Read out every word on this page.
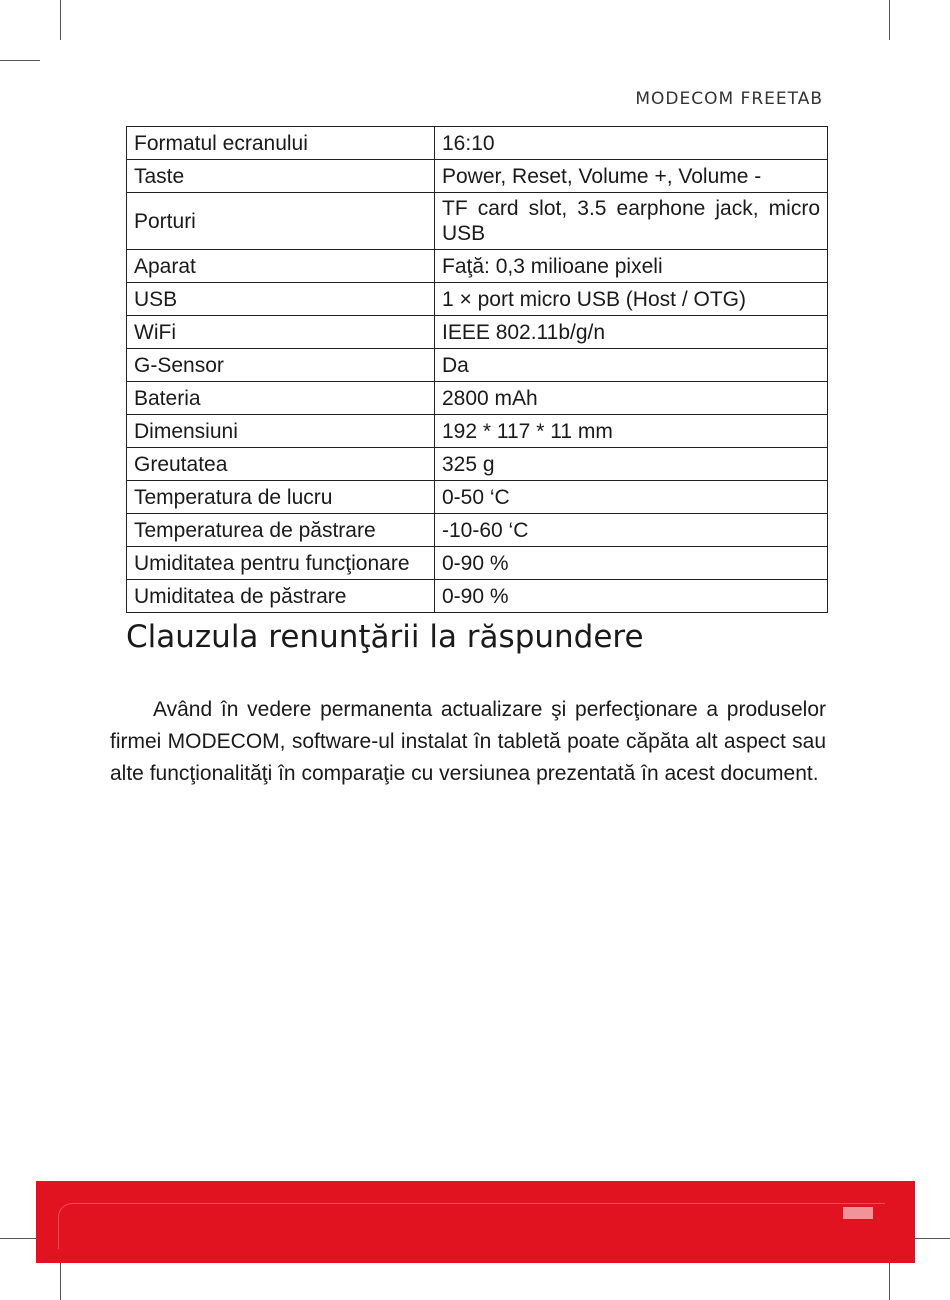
MODECOM FREETAB
Formatul ecranului	16:10
Taste	Power, Reset, Volume +, Volume -
Porturi	TF card slot, 3.5 earphone jack, micro USB
Aparat	Faţă: 0,3 milioane pixeli
USB	1 × port micro USB (Host / OTG)
WiFi	IEEE 802.11b/g/n
G-Sensor	Da
Bateria	2800 mAh
Dimensiuni	192 * 117 * 11 mm
Greutatea	325 g
Temperatura de lucru	0-50 ‘C
Temperaturea de păstrare	-10-60 ‘C
Umiditatea pentru funcţionare	0-90 %
Umiditatea de păstrare	0-90 %
Clauzula renunţării la răspundere

Având în vedere permanenta actualizare şi perfecţionare a produselor firmei MODECOM, software-ul instalat în tabletă poate căpăta alt aspect sau alte funcţionalităţi în comparaţie cu versiunea prezentată în acest document.
